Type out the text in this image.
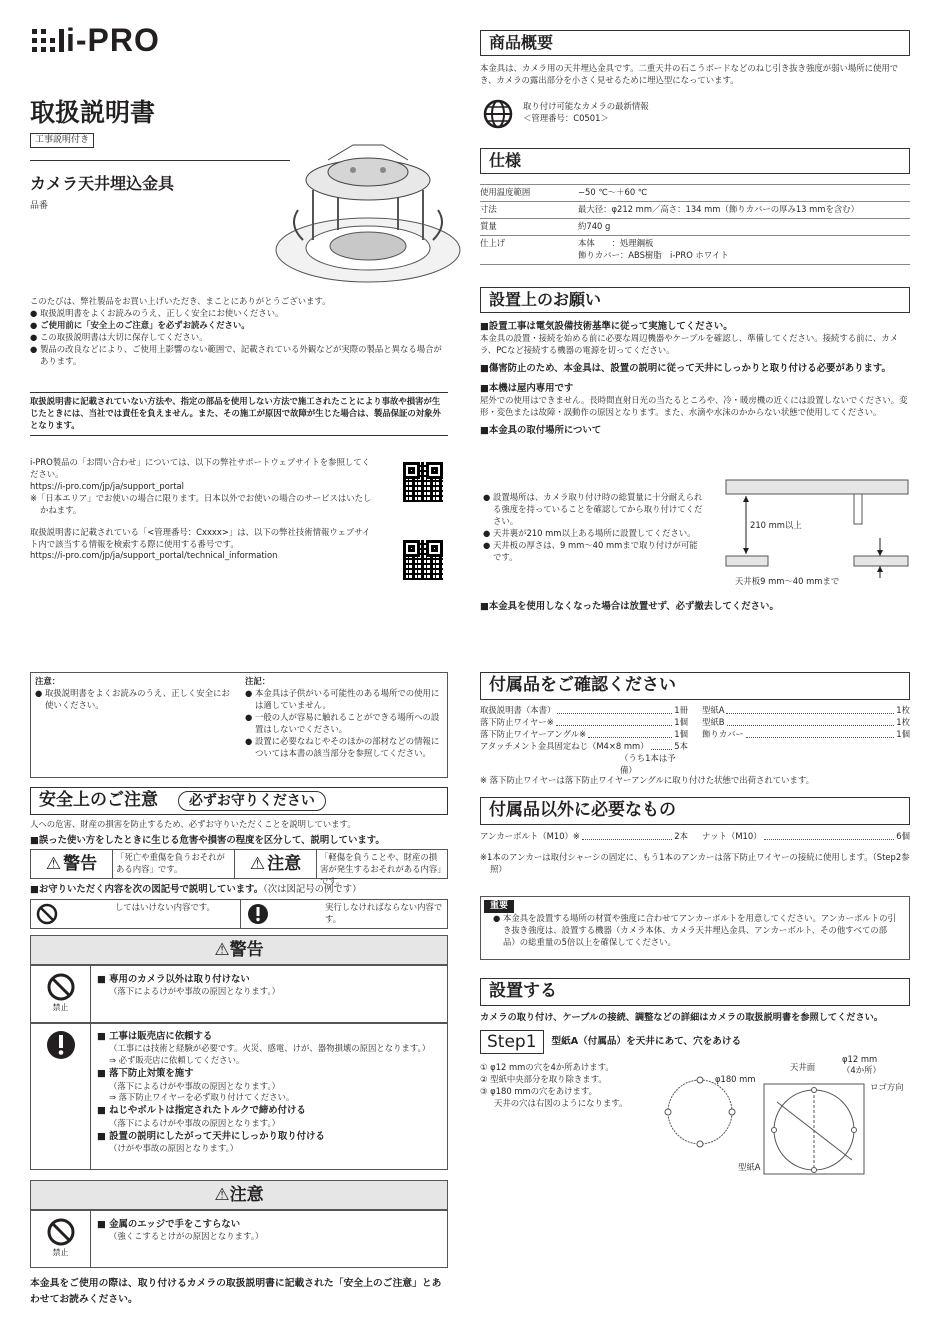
i-PRO
取扱説明書
工事説明付き
カメラ天井埋込金具
品番
このたびは、弊社製品をお買い上げいただき、まことにありがとうございます。
● 取扱説明書をよくお読みのうえ、正しく安全にお使いください。
● ご使用前に「安全上のご注意」を必ずお読みください。
● この取扱説明書は大切に保存してください。
● 製品の改良などにより、ご使用上影響のない範囲で、記載されている外観などが実際の製品と異なる場合があります。
取扱説明書に記載されていない方法や、指定の部品を使用しない方法で施工されたことにより事故や損害が生じたときには、当社では責任を負えません。また、その施工が原因で故障が生じた場合は、製品保証の対象外となります。
i-PRO製品の「お問い合わせ」については、以下の弊社サポートウェブサイトを参照してください。
https://i-pro.com/jp/ja/support_portal
※「日本エリア」でお使いの場合に限ります。日本以外でお使いの場合のサービスはいたしかねます。
取扱説明書に記載されている「<管理番号：Cxxxx>」は、以下の弊社技術情報ウェブサイト内で該当する情報を検索する際に使用する番号です。
https://i-pro.com/jp/ja/support_portal/technical_information
商品概要
本金具は、カメラ用の天井埋込金具です。二重天井の石こうボードなどのねじ引き抜き強度が弱い場所に使用でき、カメラの露出部分を小さく見せるために埋込型になっています。
取り付け可能なカメラの最新情報
＜管理番号：C0501＞
仕様
使用温度範囲	−50 ℃〜＋60 ℃
寸法	最大径：φ212 mm／高さ：134 mm（飾りカバーの厚み13 mmを含む）
質量	約740 g
仕上げ	本体　　：処理鋼板
飾りカバー：ABS樹脂　i-PRO ホワイト
設置上のお願い
■設置工事は電気設備技術基準に従って実施してください。
本金具の設置・接続を始める前に必要な周辺機器やケーブルを確認し、準備してください。接続する前に、カメラ、PCなど接続する機器の電源を切ってください。
■傷害防止のため、本金具は、設置の説明に従って天井にしっかりと取り付ける必要があります。
■本機は屋内専用です
屋外での使用はできません。長時間直射日光の当たるところや、冷・暖房機の近くには設置しないでください。変形・変色または故障・誤動作の原因となります。また、水滴や水沫のかからない状態で使用してください。
■本金具の取付場所について
● 設置場所は、カメラ取り付け時の総質量に十分耐えられる強度を持っていることを確認してから取り付けてください。
● 天井裏が210 mm以上ある場所に設置してください。
● 天井板の厚さは、9 mm〜40 mmまで取り付けが可能です。
210 mm以上
天井板9 mm〜40 mmまで
■本金具を使用しなくなった場合は放置せず、必ず撤去してください。
注意：
● 取扱説明書をよくお読みのうえ、正しく安全にお使いください。
注記：
● 本金具は子供がいる可能性のある場所での使用には適していません。
● 一般の人が容易に触れることができる場所への設置はしないでください。
● 設置に必要なねじやそのほかの部材などの情報については本書の該当部分を参照してください。
安全上のご注意 必ずお守りください
人への危害、財産の損害を防止するため、必ずお守りいただくことを説明しています。
■誤った使い方をしたときに生じる危害や損害の程度を区分して、説明しています。
⚠ 警告	「死亡や重傷を負うおそれがある内容」です。	⚠ 注意	「軽傷を負うことや、財産の損害が発生するおそれがある内容」です。
■お守りいただく内容を次の図記号で説明しています。（次は図記号の例です）
してはいけない内容です。	実行しなければならない内容です。
⚠警告
禁止
■ 専用のカメラ以外は取り付けない
（落下によるけがや事故の原因となります。）
■ 工事は販売店に依頼する
（工事には技術と経験が必要です。火災、感電、けが、器物損壊の原因となります。）
⇒ 必ず販売店に依頼してください。
■ 落下防止対策を施す
（落下によるけがや事故の原因となります。）
⇒ 落下防止ワイヤーを必ず取り付けてください。
■ ねじやボルトは指定されたトルクで締め付ける
（落下によるけがや事故の原因となります。）
■ 設置の説明にしたがって天井にしっかり取り付ける
（けがや事故の原因となります。）
⚠注意
禁止
■ 金属のエッジで手をこすらない
（強くこするとけがの原因となります。）
本金具をご使用の際は、取り付けるカメラの取扱説明書に記載された「安全上のご注意」とあわせてお読みください。
付属品をご確認ください
取扱説明書（本書）	1冊
落下防止ワイヤー※	1個
落下防止ワイヤーアングル※	1個
アタッチメント金具固定ねじ（M4×8 mm）	5本
（うち1本は予備）
型紙A	1枚
型紙B	1枚
飾りカバー	1個
※ 落下防止ワイヤーは落下防止ワイヤーアングルに取り付けた状態で出荷されています。
付属品以外に必要なもの
アンカーボルト（M10）※	2本 ナット（M10）	6個
※1本のアンカーは取付シャーシの固定に、もう1本のアンカーは落下防止ワイヤーの接続に使用します。（Step2参照）
重要
● 本金具を設置する場所の材質や強度に合わせてアンカーボルトを用意してください。アンカーボルトの引き抜き強度は、設置する機器（カメラ本体、カメラ天井埋込金具、アンカーボルト、その他すべての部品）の総重量の5倍以上を確保してください。
設置する
カメラの取り付け、ケーブルの接続、調整などの詳細はカメラの取扱説明書を参照してください。
Step1	型紙A（付属品）を天井にあて、穴をあける
① φ12 mmの穴を4か所あけます。
② 型紙中央部分を取り除きます。
③ φ180 mmの穴をあけます。
天井の穴は右図のようになります。
φ12 mm
（4か所）
天井面
ロゴ方向
φ180 mm
型紙A
